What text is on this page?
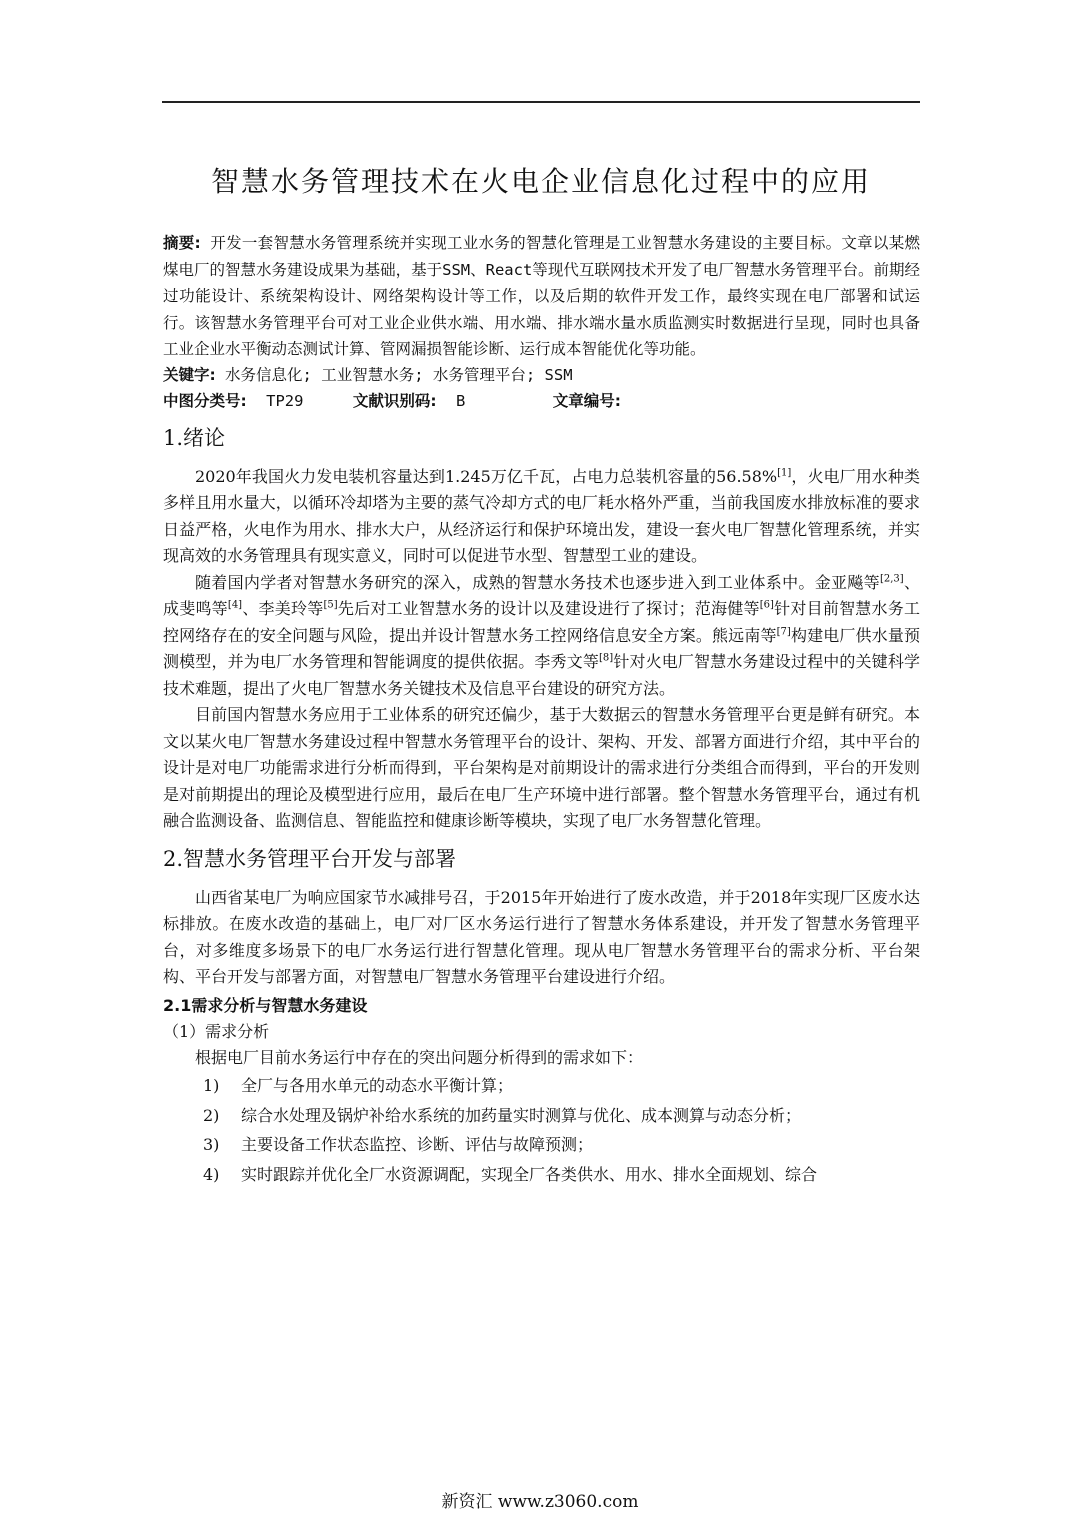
智慧水务管理技术在火电企业信息化过程中的应用

摘要: 开发一套智慧水务管理系统并实现工业水务的智慧化管理是工业智慧水务建设的主要目标。文章以某燃煤电厂的智慧水务建设成果为基础，基于SSM、React等现代互联网技术开发了电厂智慧水务管理平台。前期经过功能设计、系统架构设计、网络架构设计等工作，以及后期的软件开发工作，最终实现在电厂部署和试运行。该智慧水务管理平台可对工业企业供水端、用水端、排水端水量水质监测实时数据进行呈现，同时也具备工业企业水平衡动态测试计算、管网漏损智能诊断、运行成本智能优化等功能。

关键字: 水务信息化; 工业智慧水务; 水务管理平台; SSM

中图分类号: TP29	文献识别码: B	文章编号:
1.绪论

2020年我国火力发电装机容量达到1.245万亿千瓦，占电力总装机容量的56.58%[1]，火电厂用水种类多样且用水量大，以循环冷却塔为主要的蒸气冷却方式的电厂耗水格外严重，当前我国废水排放标准的要求日益严格，火电作为用水、排水大户，从经济运行和保护环境出发，建设一套火电厂智慧化管理系统，并实现高效的水务管理具有现实意义，同时可以促进节水型、智慧型工业的建设。

随着国内学者对智慧水务研究的深入，成熟的智慧水务技术也逐步进入到工业体系中。金亚飚等[2,3]、成斐鸣等[4]、李美玲等[5]先后对工业智慧水务的设计以及建设进行了探讨；范海健等[6]针对目前智慧水务工控网络存在的安全问题与风险，提出并设计智慧水务工控网络信息安全方案。熊远南等[7]构建电厂供水量预测模型，并为电厂水务管理和智能调度的提供依据。李秀文等[8]针对火电厂智慧水务建设过程中的关键科学技术难题，提出了火电厂智慧水务关键技术及信息平台建设的研究方法。

目前国内智慧水务应用于工业体系的研究还偏少，基于大数据云的智慧水务管理平台更是鲜有研究。本文以某火电厂智慧水务建设过程中智慧水务管理平台的设计、架构、开发、部署方面进行介绍，其中平台的设计是对电厂功能需求进行分析而得到，平台架构是对前期设计的需求进行分类组合而得到，平台的开发则是对前期提出的理论及模型进行应用，最后在电厂生产环境中进行部署。整个智慧水务管理平台，通过有机融合监测设备、监测信息、智能监控和健康诊断等模块，实现了电厂水务智慧化管理。

2.智慧水务管理平台开发与部署

山西省某电厂为响应国家节水减排号召，于2015年开始进行了废水改造，并于2018年实现厂区废水达标排放。在废水改造的基础上，电厂对厂区水务运行进行了智慧水务体系建设，并开发了智慧水务管理平台，对多维度多场景下的电厂水务运行进行智慧化管理。现从电厂智慧水务管理平台的需求分析、平台架构、平台开发与部署方面，对智慧电厂智慧水务管理平台建设进行介绍。

2.1需求分析与智慧水务建设

（1）需求分析

根据电厂目前水务运行中存在的突出问题分析得到的需求如下：

1)	全厂与各用水单元的动态水平衡计算；
2)	综合水处理及锅炉补给水系统的加药量实时测算与优化、成本测算与动态分析；
3)	主要设备工作状态监控、诊断、评估与故障预测；
4)	实时跟踪并优化全厂水资源调配，实现全厂各类供水、用水、排水全面规划、综合
新资汇 www.z3060.com
